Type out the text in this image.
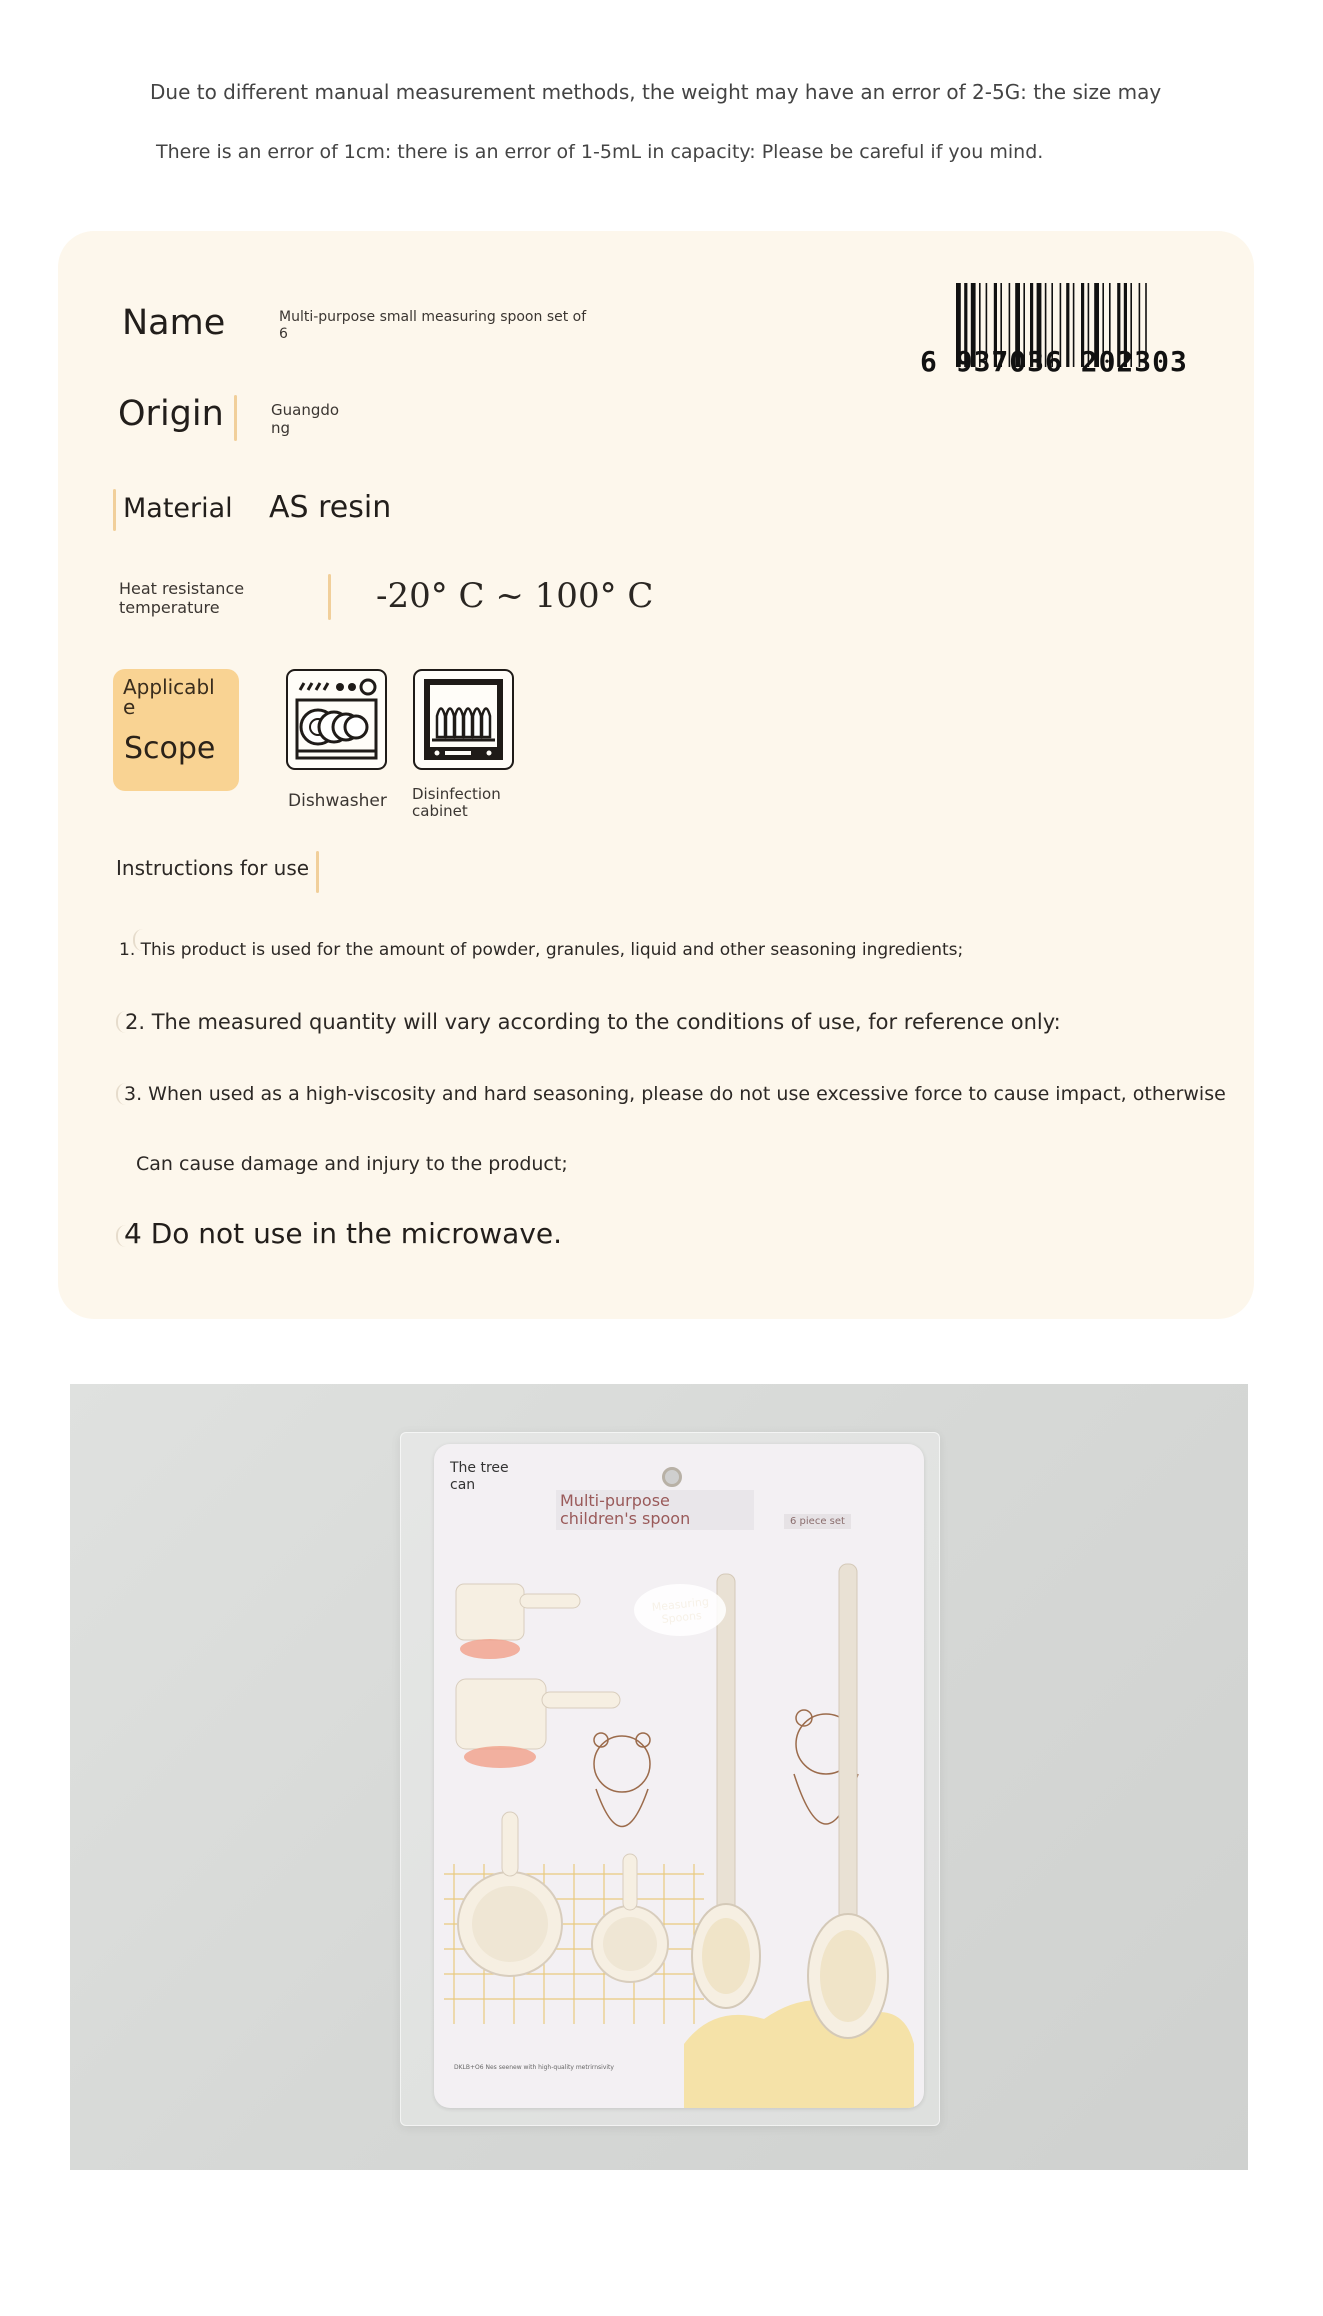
Due to different manual measurement methods, the weight may have an error of 2-5G: the size may
There is an error of 1cm: there is an error of 1-5mL in capacity: Please be careful if you mind.
Name	Multi-purpose small measuring spoon set of 6
Origin	Guangdong
Material AS resin
Heat resistance temperature	-20° C ~ 100° C
Applicable
Scope
Dishwasher Disinfection cabinet
Instructions for use
1. This product is used for the amount of powder, granules, liquid and other seasoning ingredients;
2. The measured quantity will vary according to the conditions of use, for reference only:
3. When used as a high-viscosity and hard seasoning, please do not use excessive force to cause impact, otherwise
Can cause damage and injury to the product;
4 Do not use in the microwave.
6 937036 202303
The tree can
Multi-purpose children's spoon	6 piece set
DKLB+O6 Nes seenew with high-quality metrirnsivity
